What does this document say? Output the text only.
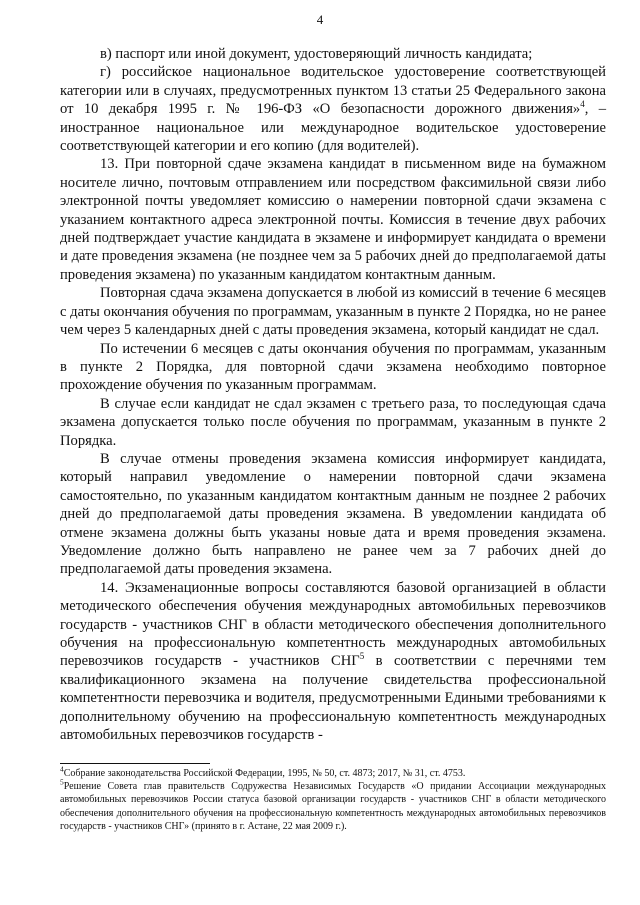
4

в) паспорт или иной документ, удостоверяющий личность кандидата;

г) российское национальное водительское удостоверение соответствующей категории или в случаях, предусмотренных пунктом 13 статьи 25 Федерального закона от 10 декабря 1995 г. № 196-ФЗ «О безопасности дорожного движения»$^4$, – иностранное национальное или международное водительское удостоверение соответствующей категории и его копию (для водителей).

13. При повторной сдаче экзамена кандидат в письменном виде на бумажном носителе лично, почтовым отправлением или посредством факсимильной связи либо электронной почты уведомляет комиссию о намерении повторной сдачи экзамена с указанием контактного адреса электронной почты. Комиссия в течение двух рабочих дней подтверждает участие кандидата в экзамене и информирует кандидата о времени и дате проведения экзамена (не позднее чем за 5 рабочих дней до предполагаемой даты проведения экзамена) по указанным кандидатом контактным данным.

Повторная сдача экзамена допускается в любой из комиссий в течение 6 месяцев с даты окончания обучения по программам, указанным в пункте 2 Порядка, но не ранее чем через 5 календарных дней с даты проведения экзамена, который кандидат не сдал.

По истечении 6 месяцев с даты окончания обучения по программам, указанным в пункте 2 Порядка, для повторной сдачи экзамена необходимо повторное прохождение обучения по указанным программам.

В случае если кандидат не сдал экзамен с третьего раза, то последующая сдача экзамена допускается только после обучения по программам, указанным в пункте 2 Порядка.

В случае отмены проведения экзамена комиссия информирует кандидата, который направил уведомление о намерении повторной сдачи экзамена самостоятельно, по указанным кандидатом контактным данным не позднее 2 рабочих дней до предполагаемой даты проведения экзамена. В уведомлении кандидата об отмене экзамена должны быть указаны новые дата и время проведения экзамена. Уведомление должно быть направлено не ранее чем за 7 рабочих дней до предполагаемой даты проведения экзамена.

14. Экзаменационные вопросы составляются базовой организацией в области методического обеспечения обучения международных автомобильных перевозчиков государств - участников СНГ в области методического обеспечения дополнительного обучения на профессиональную компетентность международных автомобильных перевозчиков государств - участников СНГ$^5$ в соответствии с перечнями тем квалификационного экзамена на получение свидетельства профессиональной компетентности перевозчика и водителя, предусмотренными Едиными требованиями к дополнительному обучению на профессиональную компетентность международных автомобильных перевозчиков государств -

$^4$Собрание законодательства Российской Федерации, 1995, № 50, ст. 4873; 2017, № 31, ст. 4753.

$^5$Решение Совета глав правительств Содружества Независимых Государств «О придании Ассоциации международных автомобильных перевозчиков России статуса базовой организации государств - участников СНГ в области методического обеспечения дополнительного обучения на профессиональную компетентность международных автомобильных перевозчиков государств - участников СНГ» (принято в г. Астане, 22 мая 2009 г.).
